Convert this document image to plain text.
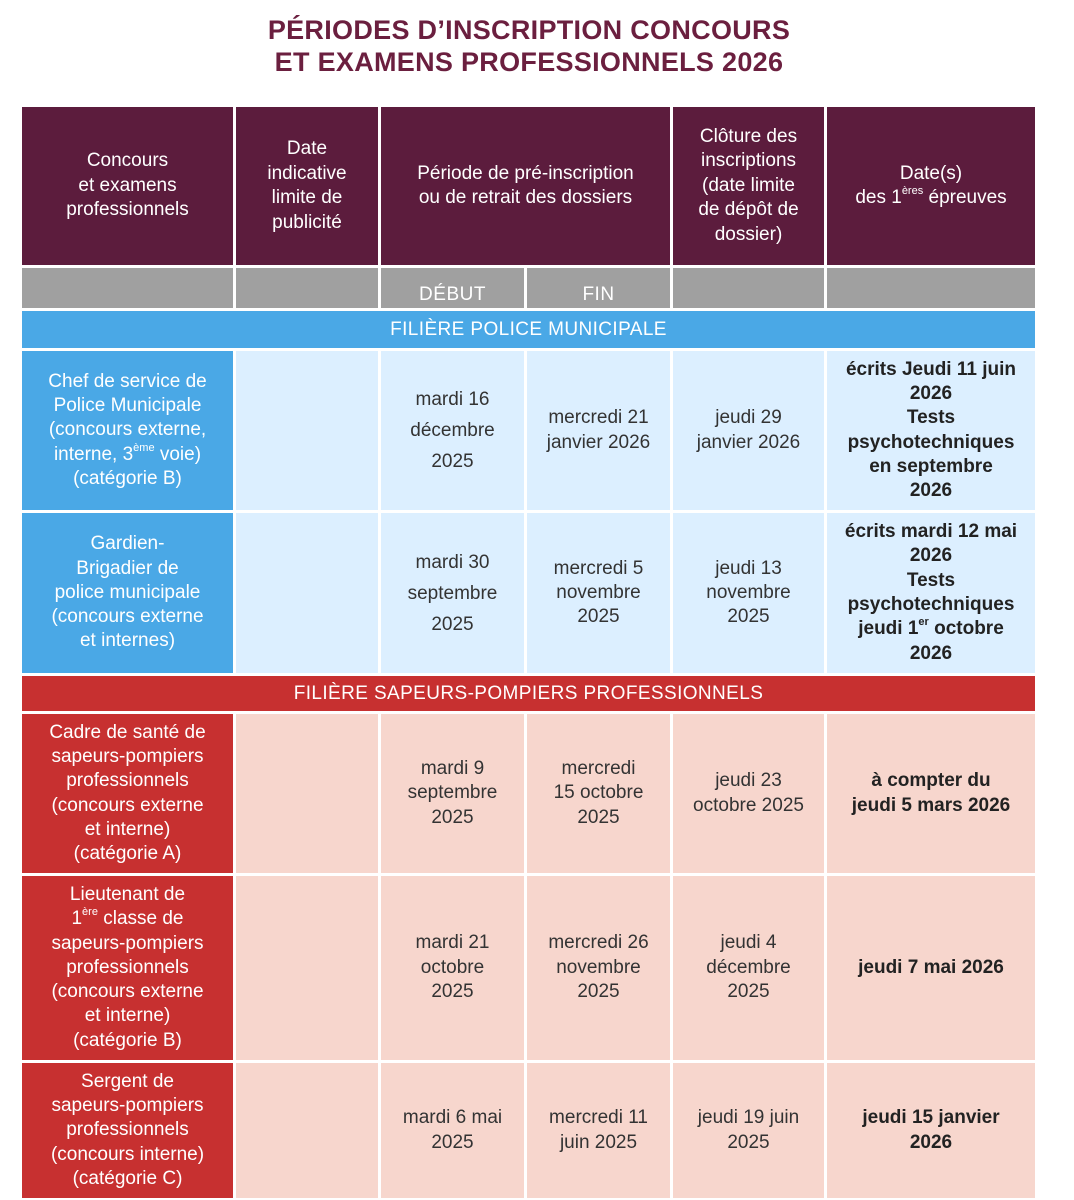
PÉRIODES D’INSCRIPTION CONCOURS
ET EXAMENS PROFESSIONNELS 2026
Concours
et examens
professionnels
Date
indicative
limite de
publicité
Période de pré-inscription
ou de retrait des dossiers
Clôture des
inscriptions
(date limite
de dépôt de
dossier)
Date(s)
des 1ères épreuves
DÉBUT	FIN
FILIÈRE POLICE MUNICIPALE
Chef de service de
Police Municipale
(concours externe,
interne, 3ème voie)
(catégorie B)
mardi 16
décembre
2025
mercredi 21
janvier 2026
jeudi 29
janvier 2026
écrits Jeudi 11 juin
2026
Tests
psychotechniques
en septembre
2026
Gardien-
Brigadier de
police municipale
(concours externe
et internes)
mardi 30
septembre
2025
mercredi 5
novembre
2025
jeudi 13
novembre
2025
écrits mardi 12 mai
2026
Tests
psychotechniques
jeudi 1er octobre
2026
FILIÈRE SAPEURS-POMPIERS PROFESSIONNELS
Cadre de santé de
sapeurs-pompiers
professionnels
(concours externe
et interne)
(catégorie A)
mardi 9
septembre
2025
mercredi
15 octobre
2025
jeudi 23
octobre 2025
à compter du
jeudi 5 mars 2026
Lieutenant de
1ère classe de
sapeurs-pompiers
professionnels
(concours externe
et interne)
(catégorie B)
mardi 21
octobre
2025
mercredi 26
novembre
2025
jeudi 4
décembre
2025
jeudi 7 mai 2026
Sergent de
sapeurs-pompiers
professionnels
(concours interne)
(catégorie C)
mardi 6 mai
2025
mercredi 11
juin 2025
jeudi 19 juin
2025
jeudi 15 janvier
2026
